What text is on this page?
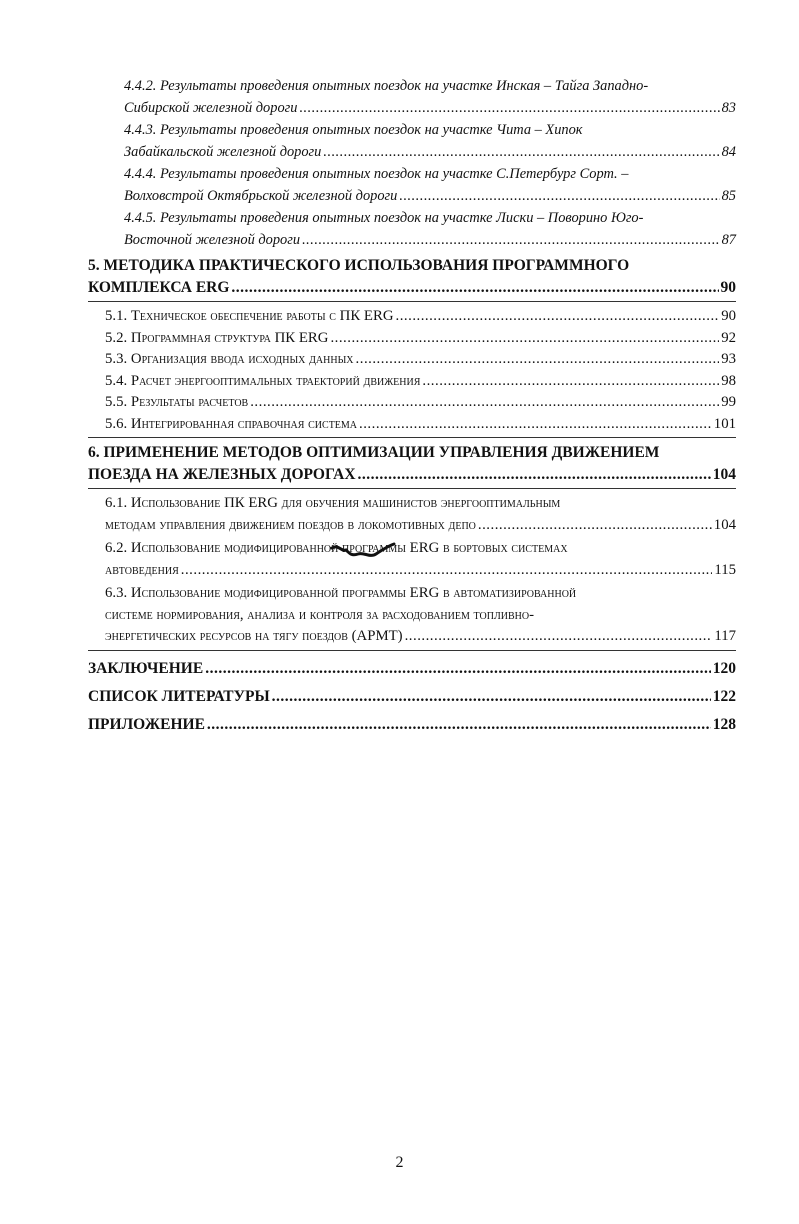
4.4.2. Результаты проведения опытных поездок на участке Инская – Тайга Западно-
Сибирской железной дороги .....	83
4.4.3. Результаты проведения опытных поездок на участке Чита – Хипок
Забайкальской железной дороги .....	84
4.4.4. Результаты проведения опытных поездок на участке С.Петербург Сорт. –
Волховстрой Октябрьской железной дороги .....	85
4.4.5. Результаты проведения опытных поездок на участке Лиски – Поворино Юго-
Восточной железной дороги .....	87
5. МЕТОДИКА ПРАКТИЧЕСКОГО ИСПОЛЬЗОВАНИЯ ПРОГРАММНОГО
КОМПЛЕКСА ERG .....	90
5.1. Техническое обеспечение работы с ПК ERG .....	90
5.2. Программная структура ПК ERG .....	92
5.3. Организация ввода исходных данных .....	93
5.4. Расчет энергооптимальных траекторий движения .....	98
5.5. Результаты расчетов .....	99
5.6. Интегрированная справочная система .....	101
6. ПРИМЕНЕНИЕ МЕТОДОВ ОПТИМИЗАЦИИ УПРАВЛЕНИЯ ДВИЖЕНИЕМ
ПОЕЗДА НА ЖЕЛЕЗНЫХ ДОРОГАХ .....	104
6.1. Использование ПК ERG для обучения машинистов энергооптимальным
методам управления движением поездов в локомотивных депо .....	104
6.2. Использование модифицированной программы ERG в бортовых системах
автоведения .....	115
6.3. Использование модифицированной программы ERG в автоматизированной
системе нормирования, анализа и контроля за расходованием топливно-
энергетических ресурсов на тягу поездов (АРМТ) .....	117
ЗАКЛЮЧЕНИЕ .....	120
СПИСОК ЛИТЕРАТУРЫ .....	122
ПРИЛОЖЕНИЕ .....	128
2
